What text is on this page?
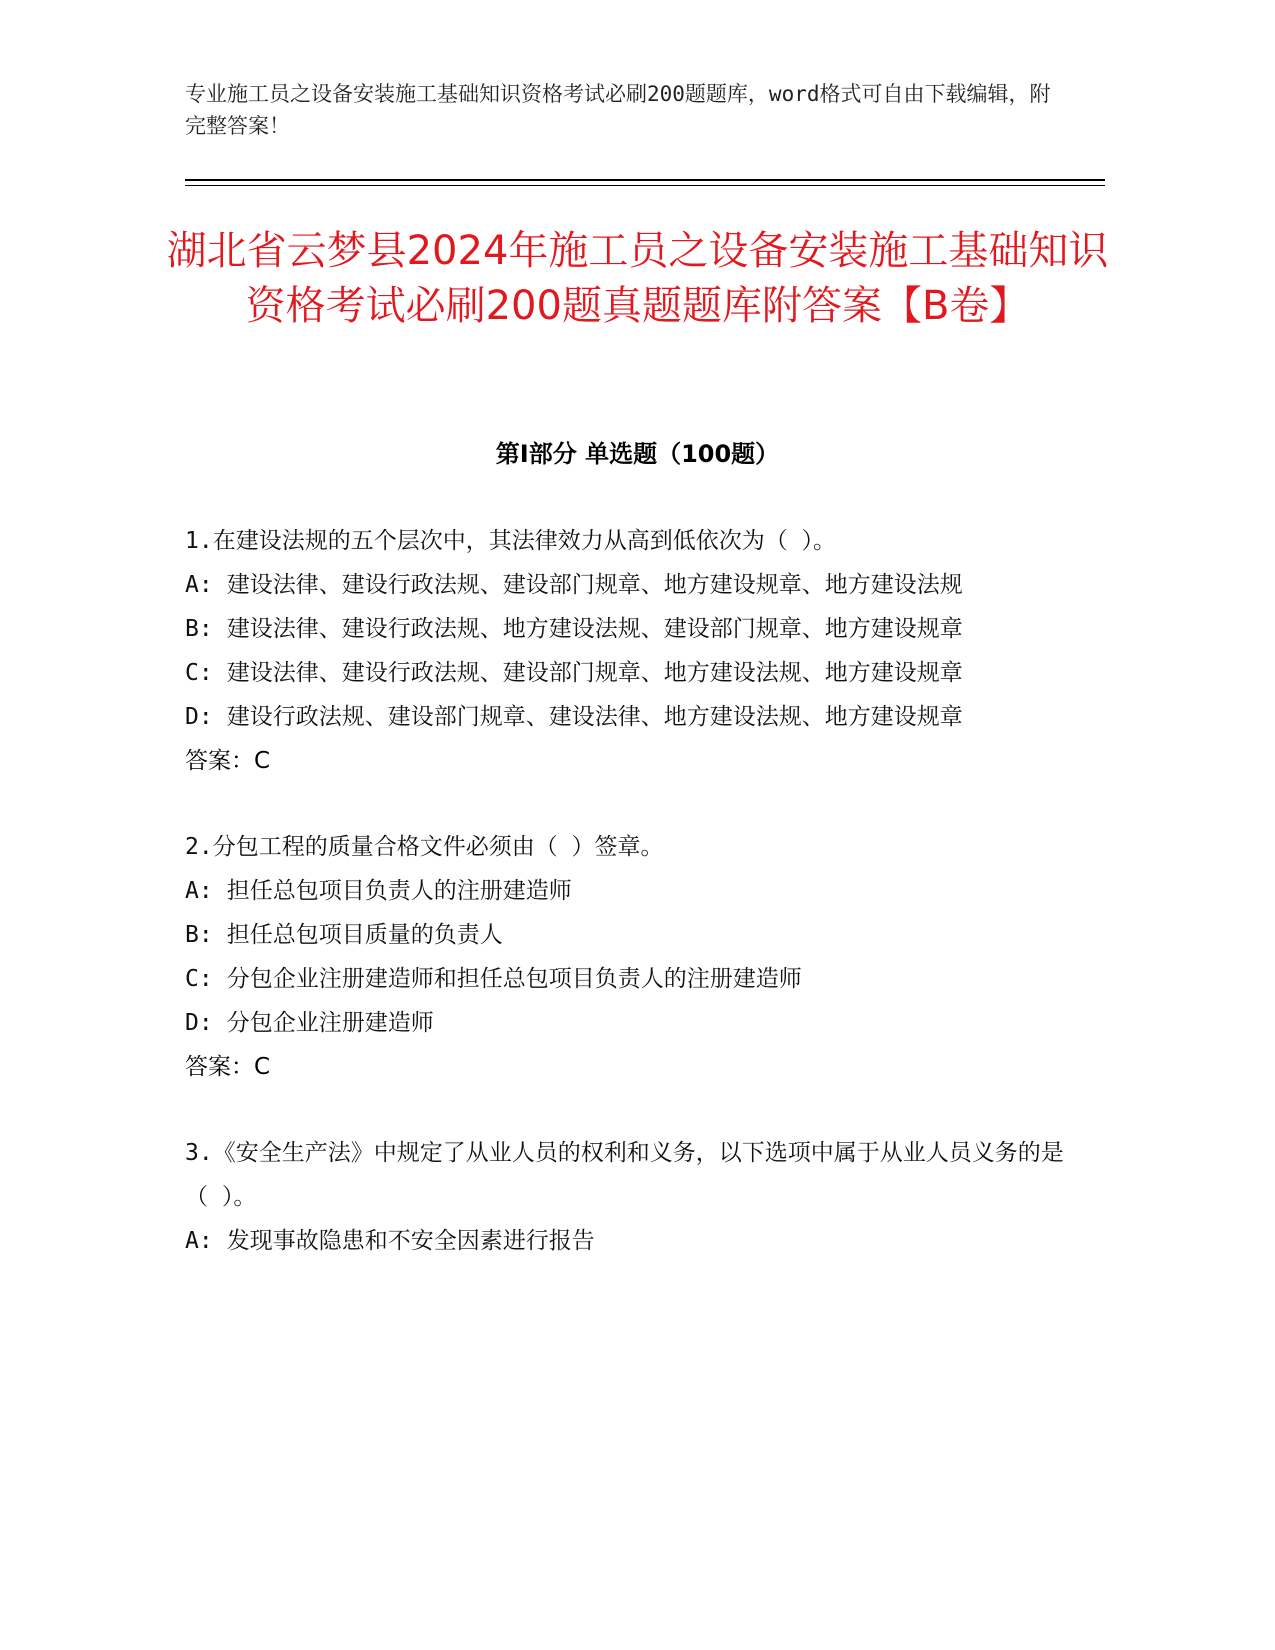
专业施工员之设备安装施工基础知识资格考试必刷200题题库，word格式可自由下载编辑，附完整答案！
湖北省云梦县2024年施工员之设备安装施工基础知识资格考试必刷200题真题题库附答案【B卷】
第Ⅰ部分 单选题（100题）

1.在建设法规的五个层次中，其法律效力从高到低依次为（ ）。

A: 建设法律、建设行政法规、建设部门规章、地方建设规章、地方建设法规

B: 建设法律、建设行政法规、地方建设法规、建设部门规章、地方建设规章

C: 建设法律、建设行政法规、建设部门规章、地方建设法规、地方建设规章

D: 建设行政法规、建设部门规章、建设法律、地方建设法规、地方建设规章

答案：C

2.分包工程的质量合格文件必须由（ ）签章。

A: 担任总包项目负责人的注册建造师

B: 担任总包项目质量的负责人

C: 分包企业注册建造师和担任总包项目负责人的注册建造师

D: 分包企业注册建造师

答案：C

3.《安全生产法》中规定了从业人员的权利和义务，以下选项中属于从业人员义务的是（ ）。

A: 发现事故隐患和不安全因素进行报告
